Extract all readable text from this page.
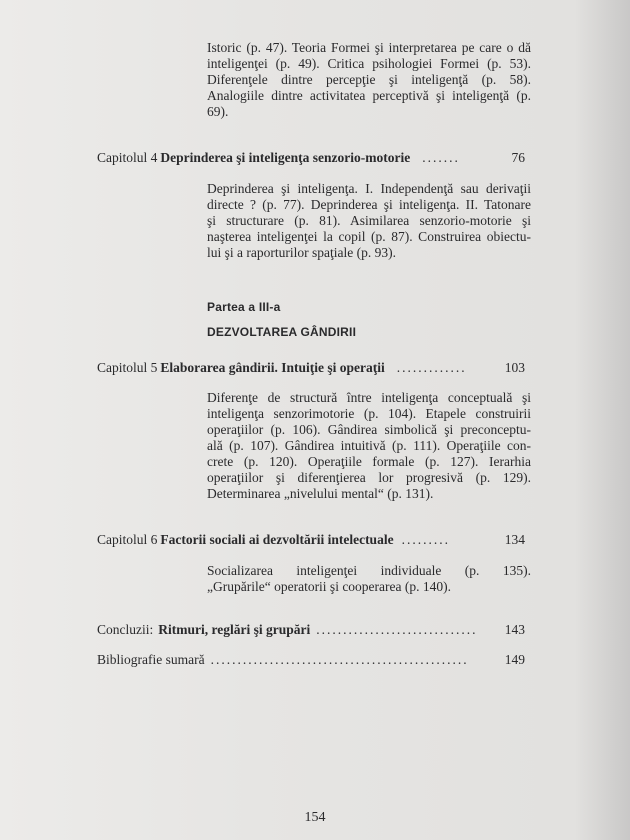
Istoric (p. 47). Teoria Formei şi interpretarea pe care o dă
inteligenţei (p. 49). Critica psihologiei Formei (p. 53).
Diferenţele dintre percepţie şi inteligenţă (p. 58).
Analogiile dintre activitatea perceptivă şi inteligenţă (p.
69).
Capitolul 4 Deprinderea şi inteligenţa senzorio-motorie .......	76
Deprinderea şi inteligenţa. I. Independenţă sau derivaţii
directe ? (p. 77). Deprinderea şi inteligenţa. II. Tatonare
şi structurare (p. 81). Asimilarea senzorio-motorie şi
naşterea inteligenţei la copil (p. 87). Construirea obiectu-
lui şi a raporturilor spaţiale (p. 93).
Partea a III-a
DEZVOLTAREA GÂNDIRII
Capitolul 5 Elaborarea gândirii. Intuiţie şi operaţii .............	103
Diferenţe de structură între inteligenţa conceptuală şi
inteligenţa senzorimotorie (p. 104). Etapele construirii
operaţiilor (p. 106). Gândirea simbolică şi preconceptu-
ală (p. 107). Gândirea intuitivă (p. 111). Operaţiile con-
crete (p. 120). Operaţiile formale (p. 127). Ierarhia
operaţiilor şi diferenţierea lor progresivă (p. 129).
Determinarea „nivelului mental“ (p. 131).
Capitolul 6 Factorii sociali ai dezvoltării intelectuale .........	134
Socializarea inteligenţei individuale (p. 135).
„Grupările“ operatorii şi cooperarea (p. 140).
Concluzii: Ritmuri, reglări şi grupări ..............................	143
Bibliografie sumară ................................................	149
154
